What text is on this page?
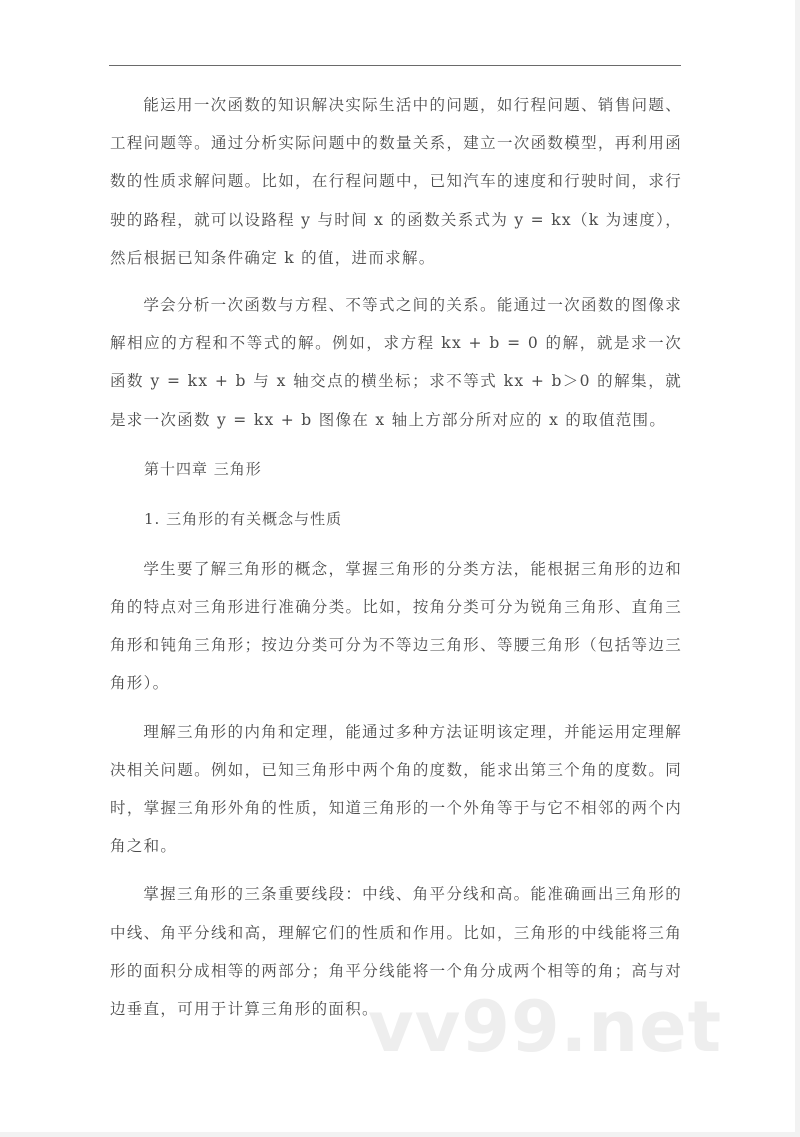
能运用一次函数的知识解决实际生活中的问题，如行程问题、销售问题、工程问题等。通过分析实际问题中的数量关系，建立一次函数模型，再利用函数的性质求解问题。比如，在行程问题中，已知汽车的速度和行驶时间，求行驶的路程，就可以设路程 y 与时间 x 的函数关系式为 y = kx（k 为速度），然后根据已知条件确定 k 的值，进而求解。

学会分析一次函数与方程、不等式之间的关系。能通过一次函数的图像求解相应的方程和不等式的解。例如，求方程 kx + b = 0 的解，就是求一次函数 y = kx + b 与 x 轴交点的横坐标；求不等式 kx + b＞0 的解集，就是求一次函数 y = kx + b 图像在 x 轴上方部分所对应的 x 的取值范围。

第十四章 三角形

1. 三角形的有关概念与性质

学生要了解三角形的概念，掌握三角形的分类方法，能根据三角形的边和角的特点对三角形进行准确分类。比如，按角分类可分为锐角三角形、直角三角形和钝角三角形；按边分类可分为不等边三角形、等腰三角形（包括等边三角形）。

理解三角形的内角和定理，能通过多种方法证明该定理，并能运用定理解决相关问题。例如，已知三角形中两个角的度数，能求出第三个角的度数。同时，掌握三角形外角的性质，知道三角形的一个外角等于与它不相邻的两个内角之和。

掌握三角形的三条重要线段：中线、角平分线和高。能准确画出三角形的中线、角平分线和高，理解它们的性质和作用。比如，三角形的中线能将三角形的面积分成相等的两部分；角平分线能将一个角分成两个相等的角；高与对边垂直，可用于计算三角形的面积。

vv99.net
